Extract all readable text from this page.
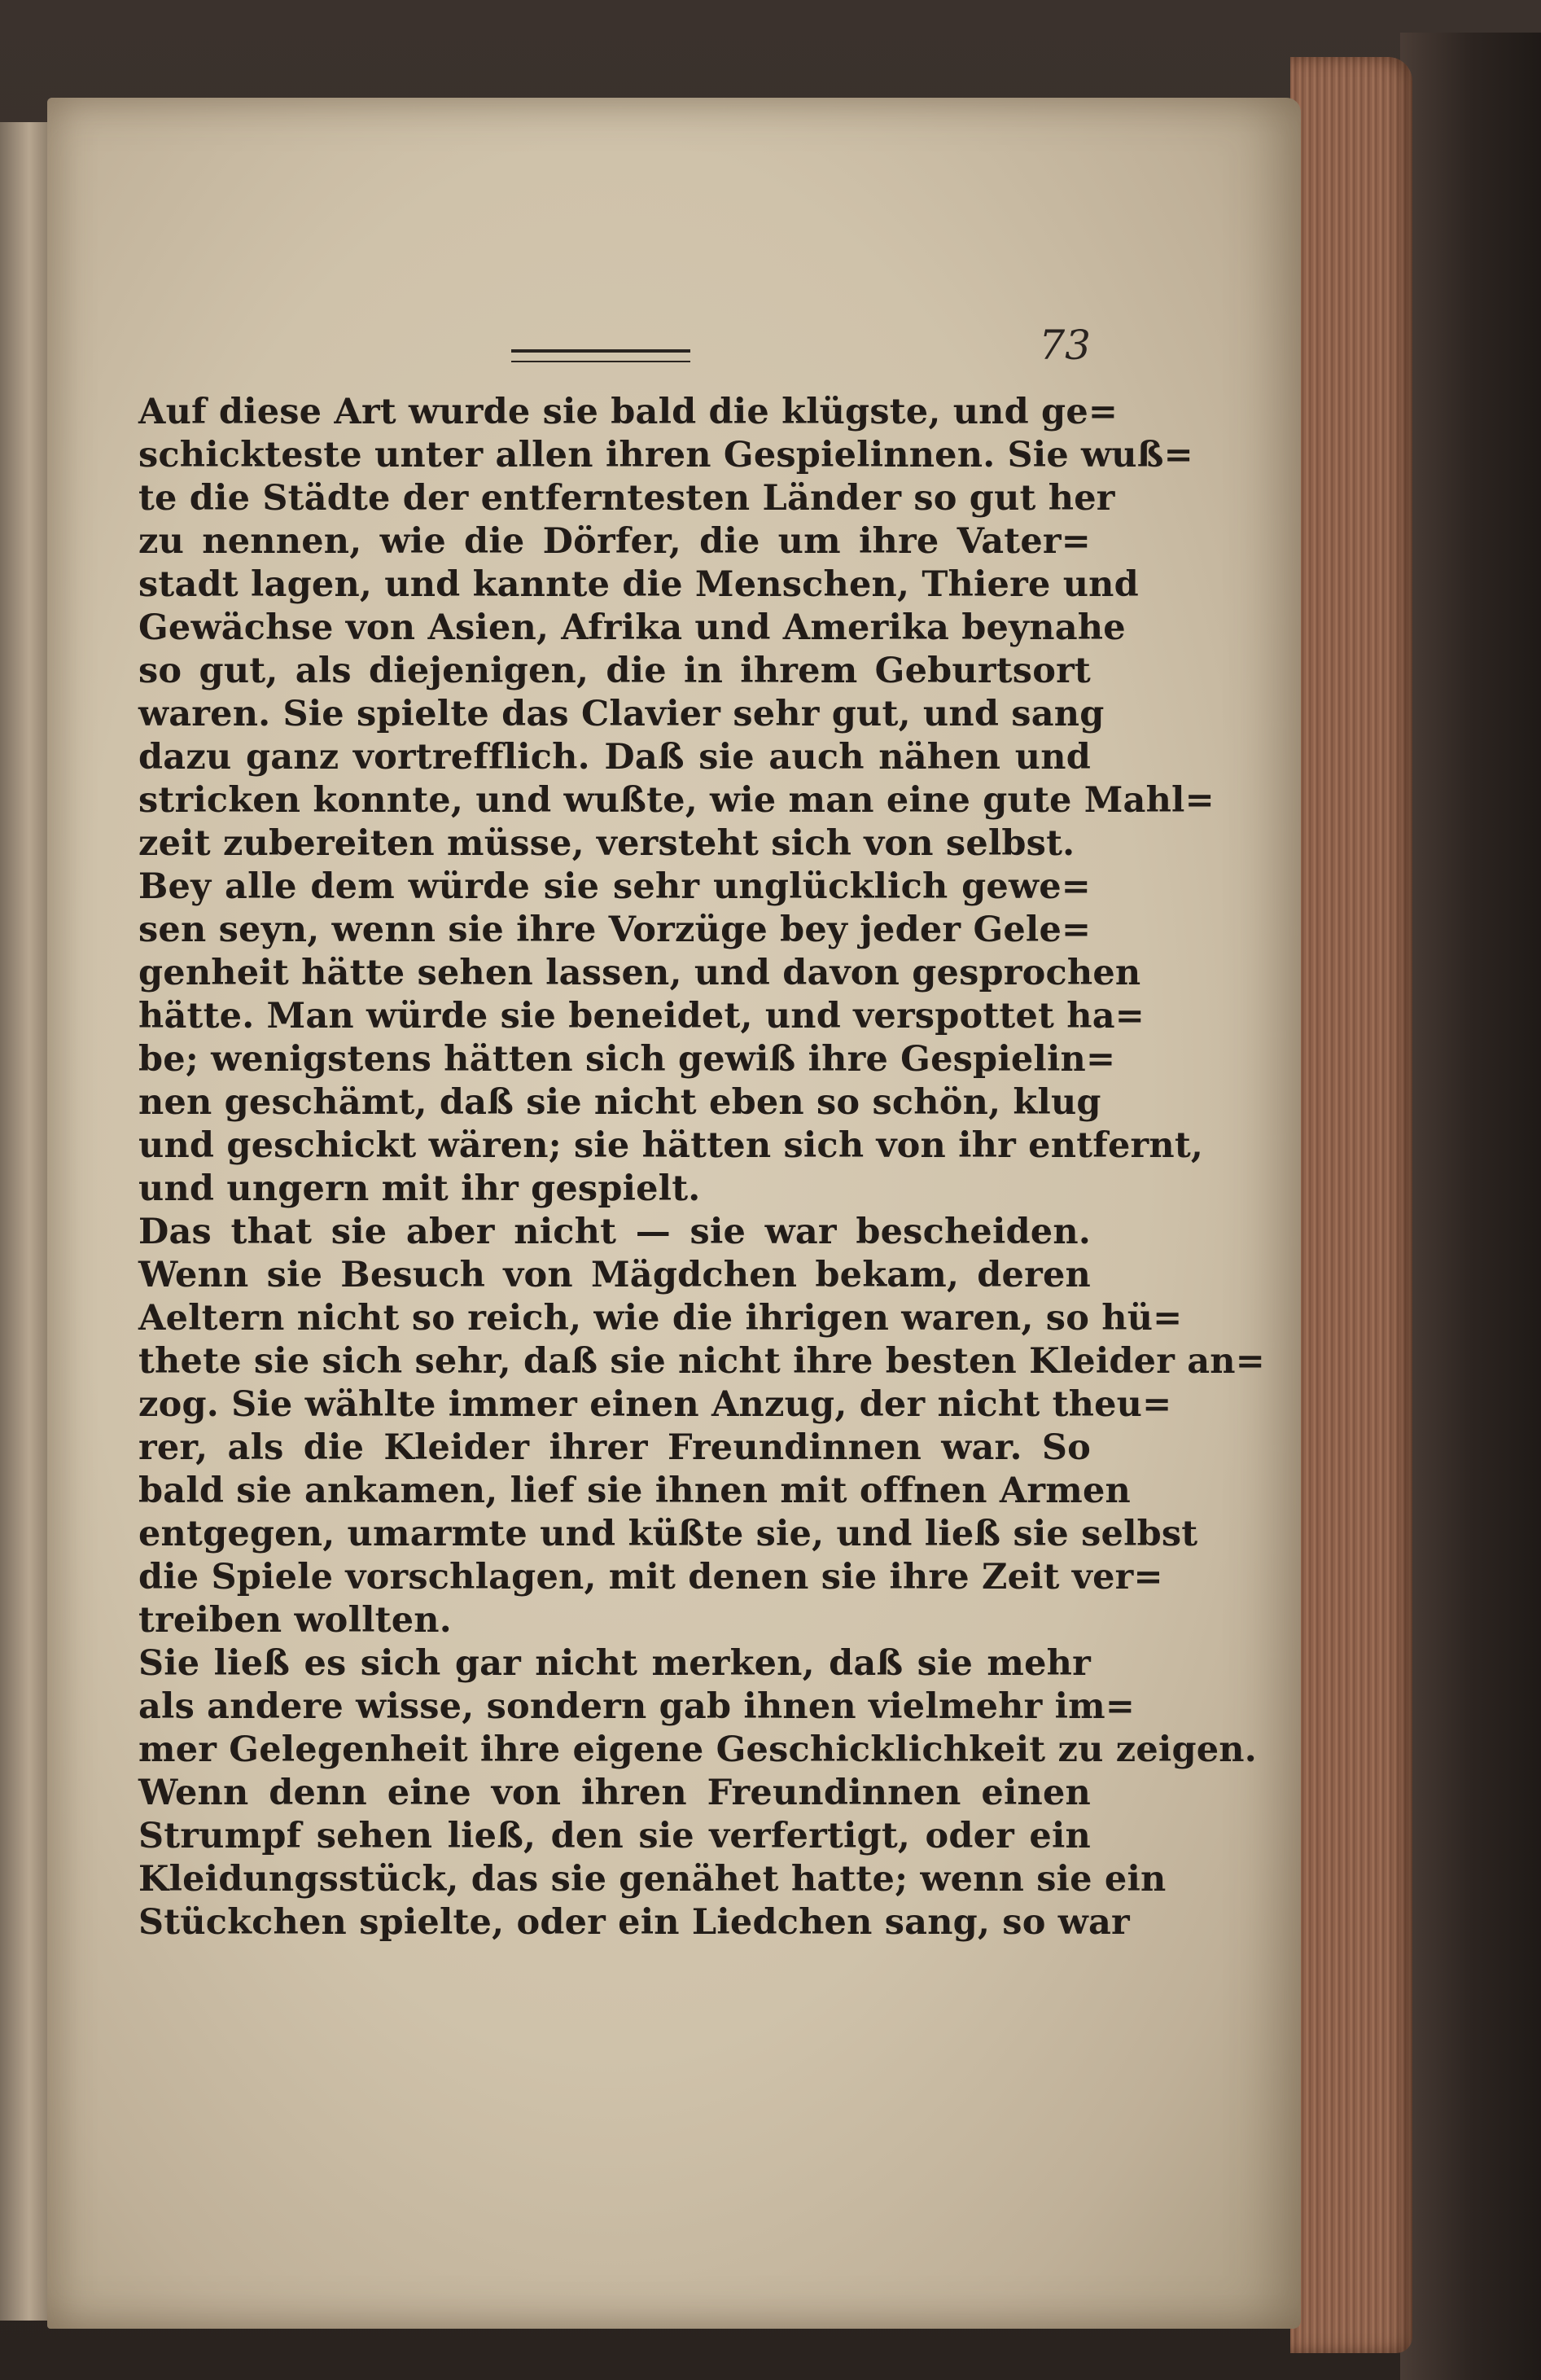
73
Auf diese Art wurde sie bald die klügste, und ge=
schickteste unter allen ihren Gespielinnen. Sie wuß=
te die Städte der entferntesten Länder so gut her
zu nennen, wie die Dörfer, die um ihre Vater=
stadt lagen, und kannte die Menschen, Thiere und
Gewächse von Asien, Afrika und Amerika beynahe
so gut, als diejenigen, die in ihrem Geburtsort
waren. Sie spielte das Clavier sehr gut, und sang
dazu ganz vortrefflich. Daß sie auch nähen und
stricken konnte, und wußte, wie man eine gute Mahl=
zeit zubereiten müsse, versteht sich von selbst.
Bey alle dem würde sie sehr unglücklich gewe=
sen seyn, wenn sie ihre Vorzüge bey jeder Gele=
genheit hätte sehen lassen, und davon gesprochen
hätte. Man würde sie beneidet, und verspottet ha=
be; wenigstens hätten sich gewiß ihre Gespielin=
nen geschämt, daß sie nicht eben so schön, klug
und geschickt wären; sie hätten sich von ihr entfernt,
und ungern mit ihr gespielt.
Das that sie aber nicht — sie war bescheiden.
Wenn sie Besuch von Mägdchen bekam, deren
Aeltern nicht so reich, wie die ihrigen waren, so hü=
thete sie sich sehr, daß sie nicht ihre besten Kleider an=
zog. Sie wählte immer einen Anzug, der nicht theu=
rer, als die Kleider ihrer Freundinnen war. So
bald sie ankamen, lief sie ihnen mit offnen Armen
entgegen, umarmte und küßte sie, und ließ sie selbst
die Spiele vorschlagen, mit denen sie ihre Zeit ver=
treiben wollten.
Sie ließ es sich gar nicht merken, daß sie mehr
als andere wisse, sondern gab ihnen vielmehr im=
mer Gelegenheit ihre eigene Geschicklichkeit zu zeigen.
Wenn denn eine von ihren Freundinnen einen
Strumpf sehen ließ, den sie verfertigt, oder ein
Kleidungsstück, das sie genähet hatte; wenn sie ein
Stückchen spielte, oder ein Liedchen sang, so war
